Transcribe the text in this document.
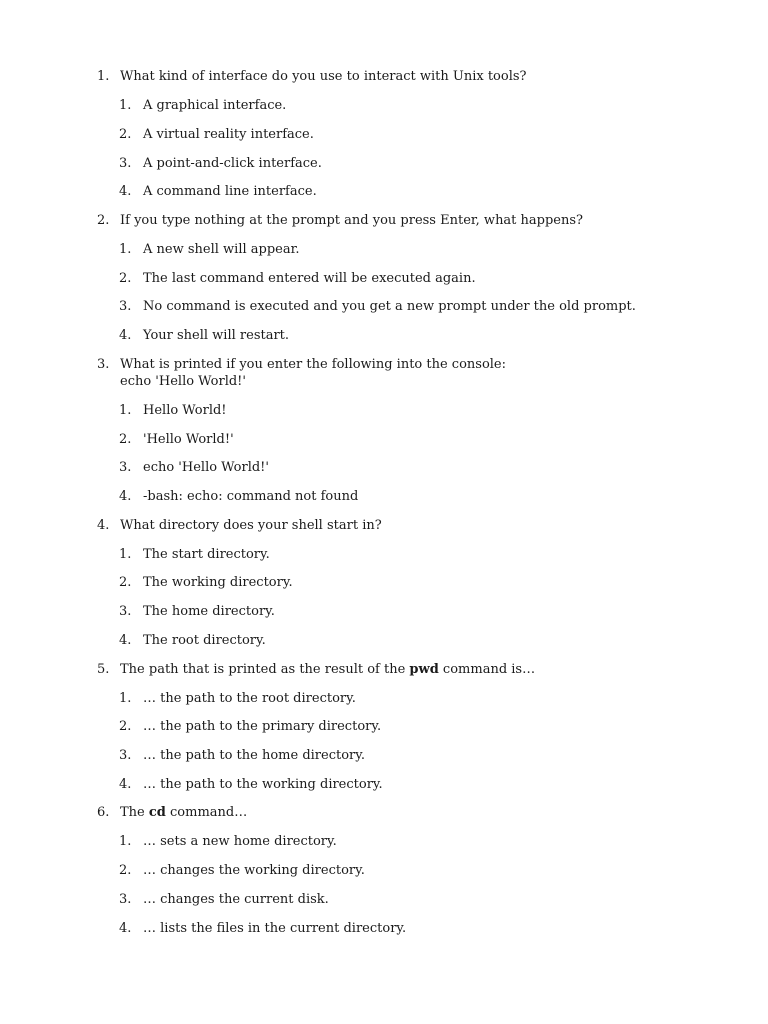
1. What kind of interface do you use to interact with Unix tools?
1. A graphical interface.
2. A virtual reality interface.
3. A point-and-click interface.
4. A command line interface.
2. If you type nothing at the prompt and you press Enter, what happens?
1. A new shell will appear.
2. The last command entered will be executed again.
3. No command is executed and you get a new prompt under the old prompt.
4. Your shell will restart.
3. What is printed if you enter the following into the console:
echo 'Hello World!'
1. Hello World!
2. 'Hello World!'
3. echo 'Hello World!'
4. -bash: echo: command not found
4. What directory does your shell start in?
1. The start directory.
2. The working directory.
3. The home directory.
4. The root directory.
5. The path that is printed as the result of the pwd command is…
1. … the path to the root directory.
2. … the path to the primary directory.
3. … the path to the home directory.
4. … the path to the working directory.
6. The cd command…
1. … sets a new home directory.
2. … changes the working directory.
3. … changes the current disk.
4. … lists the files in the current directory.
